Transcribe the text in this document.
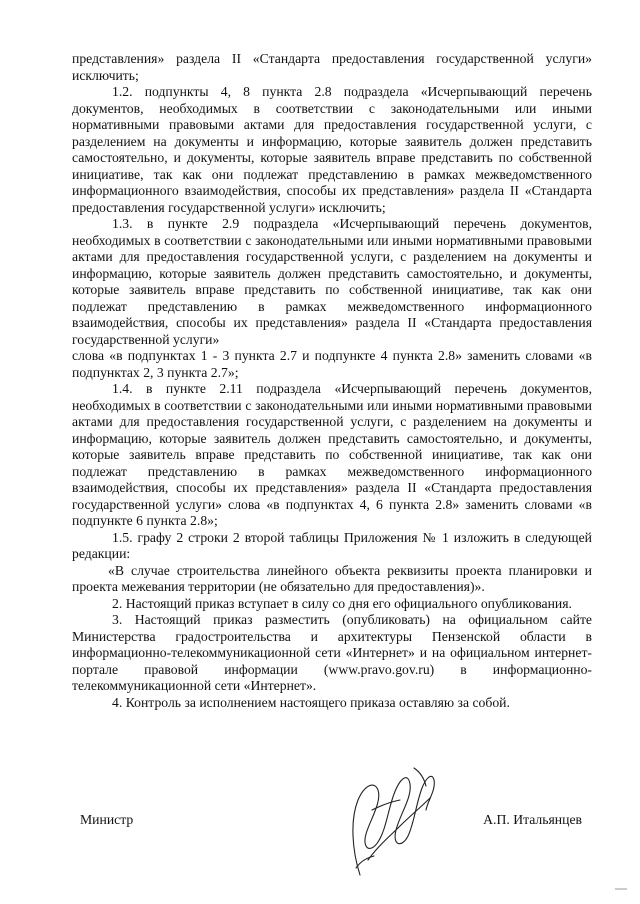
представления» раздела II «Стандарта предоставления государственной услуги» исключить;

1.2. подпункты 4, 8 пункта 2.8 подраздела «Исчерпывающий перечень документов, необходимых в соответствии с законодательными или иными нормативными правовыми актами для предоставления государственной услуги, с разделением на документы и информацию, которые заявитель должен представить самостоятельно, и документы, которые заявитель вправе представить по собственной инициативе, так как они подлежат представлению в рамках межведомственного информационного взаимодействия, способы их представления» раздела II «Стандарта предоставления государственной услуги» исключить;

1.3. в пункте 2.9 подраздела «Исчерпывающий перечень документов, необходимых в соответствии с законодательными или иными нормативными правовыми актами для предоставления государственной услуги, с разделением на документы и информацию, которые заявитель должен представить самостоятельно, и документы, которые заявитель вправе представить по собственной инициативе, так как они подлежат представлению в рамках межведомственного информационного взаимодействия, способы их представления» раздела II «Стандарта предоставления государственной услуги»

слова «в подпунктах 1 - 3 пункта 2.7 и подпункте 4 пункта 2.8» заменить словами «в подпунктах 2, 3 пункта 2.7»;

1.4. в пункте 2.11 подраздела «Исчерпывающий перечень документов, необходимых в соответствии с законодательными или иными нормативными правовыми актами для предоставления государственной услуги, с разделением на документы и информацию, которые заявитель должен представить самостоятельно, и документы, которые заявитель вправе представить по собственной инициативе, так как они подлежат представлению в рамках межведомственного информационного взаимодействия, способы их представления» раздела II «Стандарта предоставления государственной услуги» слова «в подпунктах 4, 6 пункта 2.8» заменить словами «в подпункте 6 пункта 2.8»;

1.5. графу 2 строки 2 второй таблицы Приложения № 1 изложить в следующей редакции:

«В случае строительства линейного объекта реквизиты проекта планировки и проекта межевания территории (не обязательно для предоставления)».

2. Настоящий приказ вступает в силу со дня его официального опубликования.

3. Настоящий приказ разместить (опубликовать) на официальном сайте Министерства градостроительства и архитектуры Пензенской области в информационно-телекоммуникационной сети «Интернет» и на официальном интернет-портале правовой информации (www.pravo.gov.ru) в информационно-телекоммуникационной сети «Интернет».

4. Контроль за исполнением настоящего приказа оставляю за собой.

Министр	А.П. Итальянцев
